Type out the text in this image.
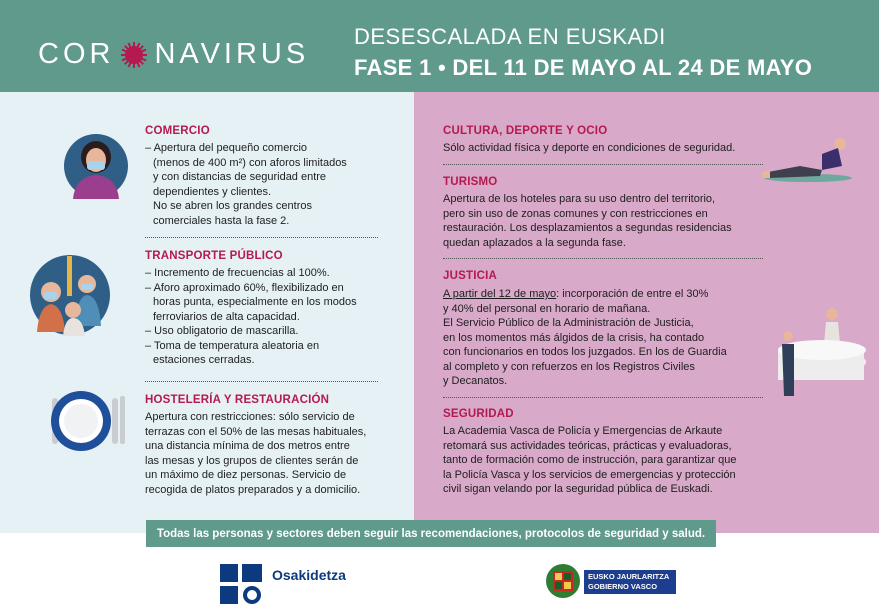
COR NAVIRUS
DESESCALADA EN EUSKADI
FASE 1 • DEL 11 DE MAYO AL 24 DE MAYO
COMERCIO

– Apertura del pequeño comercio

(menos de 400 m²) con aforos limitados

y con distancias de seguridad entre

dependientes y clientes.

No se abren los grandes centros

comerciales hasta la fase 2.

TRANSPORTE PÚBLICO

– Incremento de frecuencias al 100%.

– Aforo aproximado 60%, flexibilizado en

horas punta, especialmente en los modos

ferroviarios de alta capacidad.

– Uso obligatorio de mascarilla.

– Toma de temperatura aleatoria en

estaciones cerradas.

HOSTELERÍA Y RESTAURACIÓN

Apertura con restricciones: sólo servicio de

terrazas con el 50% de las mesas habituales,

una distancia mínima de dos metros entre

las mesas y los grupos de clientes serán de

un máximo de diez personas. Servicio de

recogida de platos preparados y a domicilio.

CULTURA, DEPORTE Y OCIO

Sólo actividad física y deporte en condiciones de seguridad.

TURISMO

Apertura de los hoteles para su uso dentro del territorio,

pero sin uso de zonas comunes y con restricciones en

restauración. Los desplazamientos a segundas residencias

quedan aplazados a la segunda fase.

JUSTICIA

A partir del 12 de mayo: incorporación de entre el 30%

y 40% del personal en horario de mañana.

El Servicio Público de la Administración de Justicia,

en los momentos más álgidos de la crisis, ha contado

con funcionarios en todos los juzgados. En los de Guardia

al completo y con refuerzos en los Registros Civiles

y Decanatos.

SEGURIDAD

La Academia Vasca de Policía y Emergencias de Arkaute

retomará sus actividades teóricas, prácticas y evaluadoras,

tanto de formación como de instrucción, para garantizar que

la Policía Vasca y los servicios de emergencias y protección

civil sigan velando por la seguridad pública de Euskadi.

Todas las personas y sectores deben seguir las recomendaciones, protocolos de seguridad y salud.
Osakidetza	EUSKO JAURLARITZA
GOBIERNO VASCO
